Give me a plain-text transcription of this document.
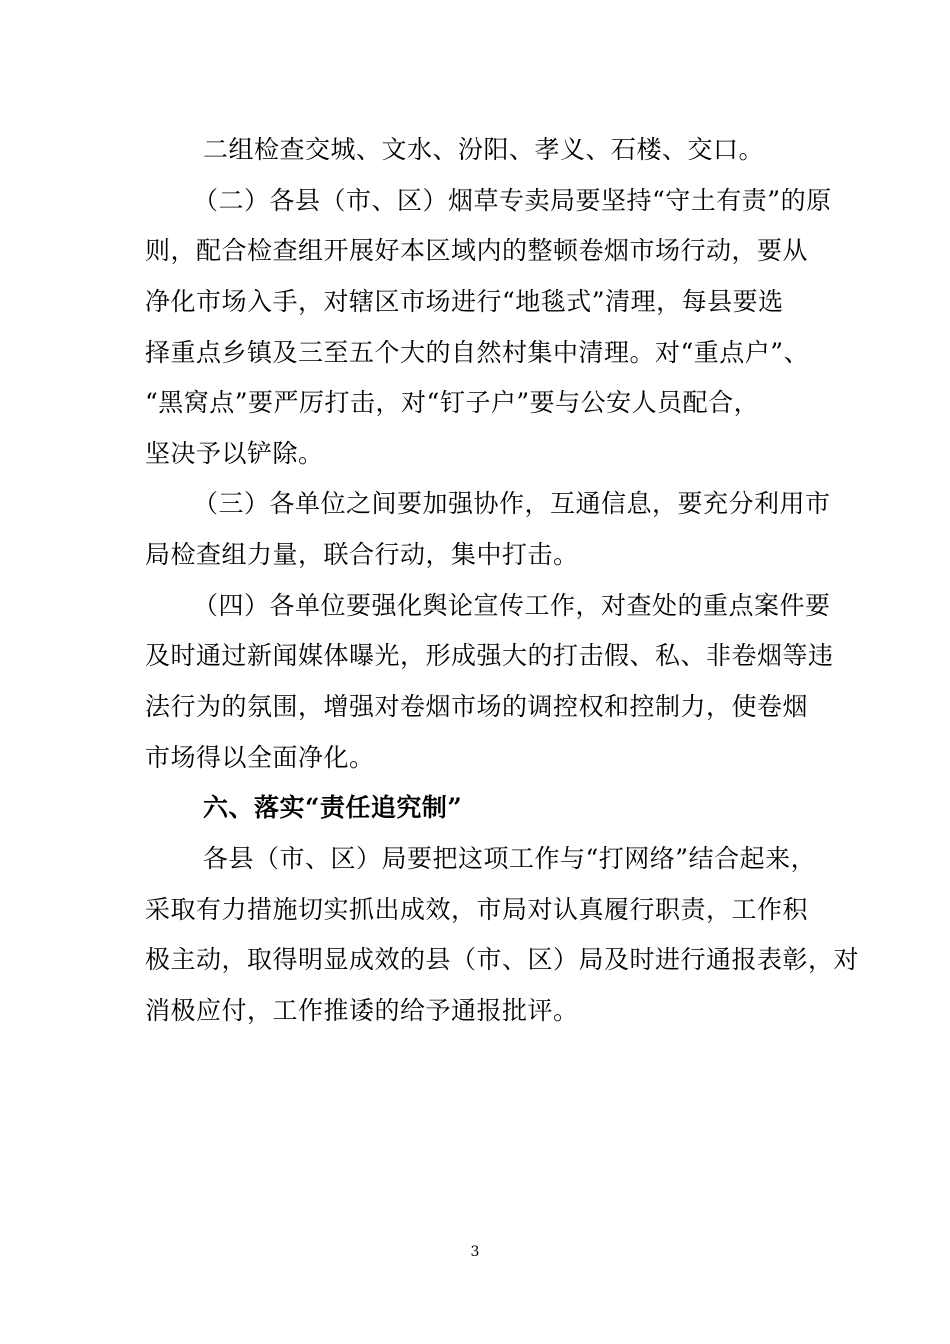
二组检查交城、文水、汾阳、孝义、石楼、交口。
（二）各县（市、区）烟草专卖局要坚持“守土有责”的原
则，配合检查组开展好本区域内的整顿卷烟市场行动，要从
净化市场入手，对辖区市场进行“地毯式”清理，每县要选
择重点乡镇及三至五个大的自然村集中清理。对“重点户”、
“黑窝点”要严厉打击，对“钉子户”要与公安人员配合，
坚决予以铲除。
（三）各单位之间要加强协作，互通信息，要充分利用市
局检查组力量，联合行动，集中打击。
（四）各单位要强化舆论宣传工作，对查处的重点案件要
及时通过新闻媒体曝光，形成强大的打击假、私、非卷烟等违
法行为的氛围，增强对卷烟市场的调控权和控制力，使卷烟
市场得以全面净化。
六、落实“责任追究制”
各县（市、区）局要把这项工作与“打网络”结合起来，
采取有力措施切实抓出成效，市局对认真履行职责，工作积
极主动，取得明显成效的县（市、区）局及时进行通报表彰，对
消极应付，工作推诿的给予通报批评。
3
